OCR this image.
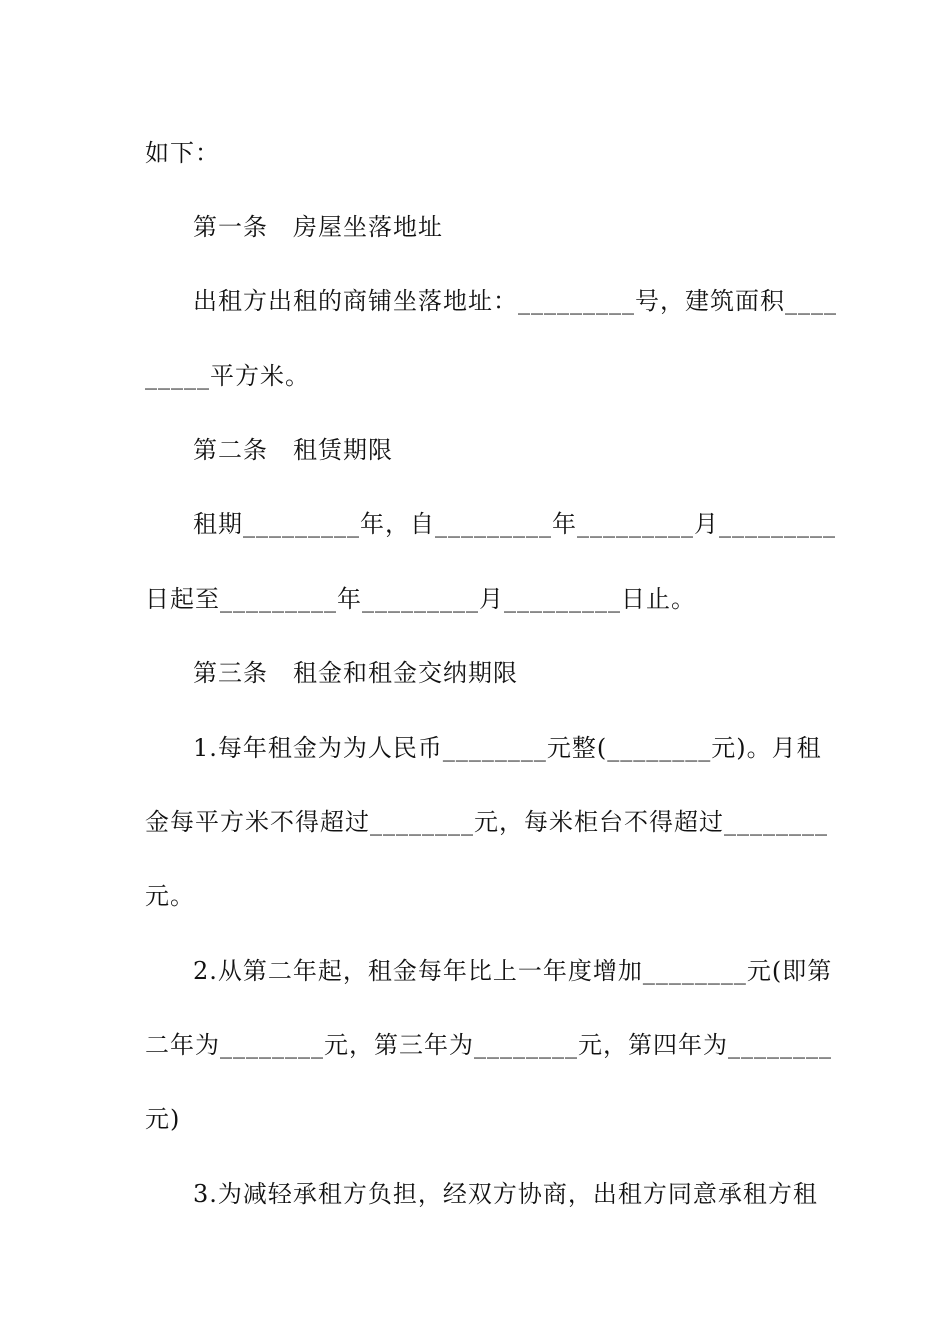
如下：
第一条　房屋坐落地址
出租方出租的商铺坐落地址：_________号，建筑面积____
_____平方米。
第二条　租赁期限
租期_________年，自_________年_________月_________
日起至_________年_________月_________日止。
第三条　租金和租金交纳期限
1.每年租金为为人民币________元整(________元)。月租
金每平方米不得超过________元，每米柜台不得超过________
元。
2.从第二年起，租金每年比上一年度增加________元(即第
二年为________元，第三年为________元，第四年为________
元)
3.为减轻承租方负担，经双方协商，出租方同意承租方租
